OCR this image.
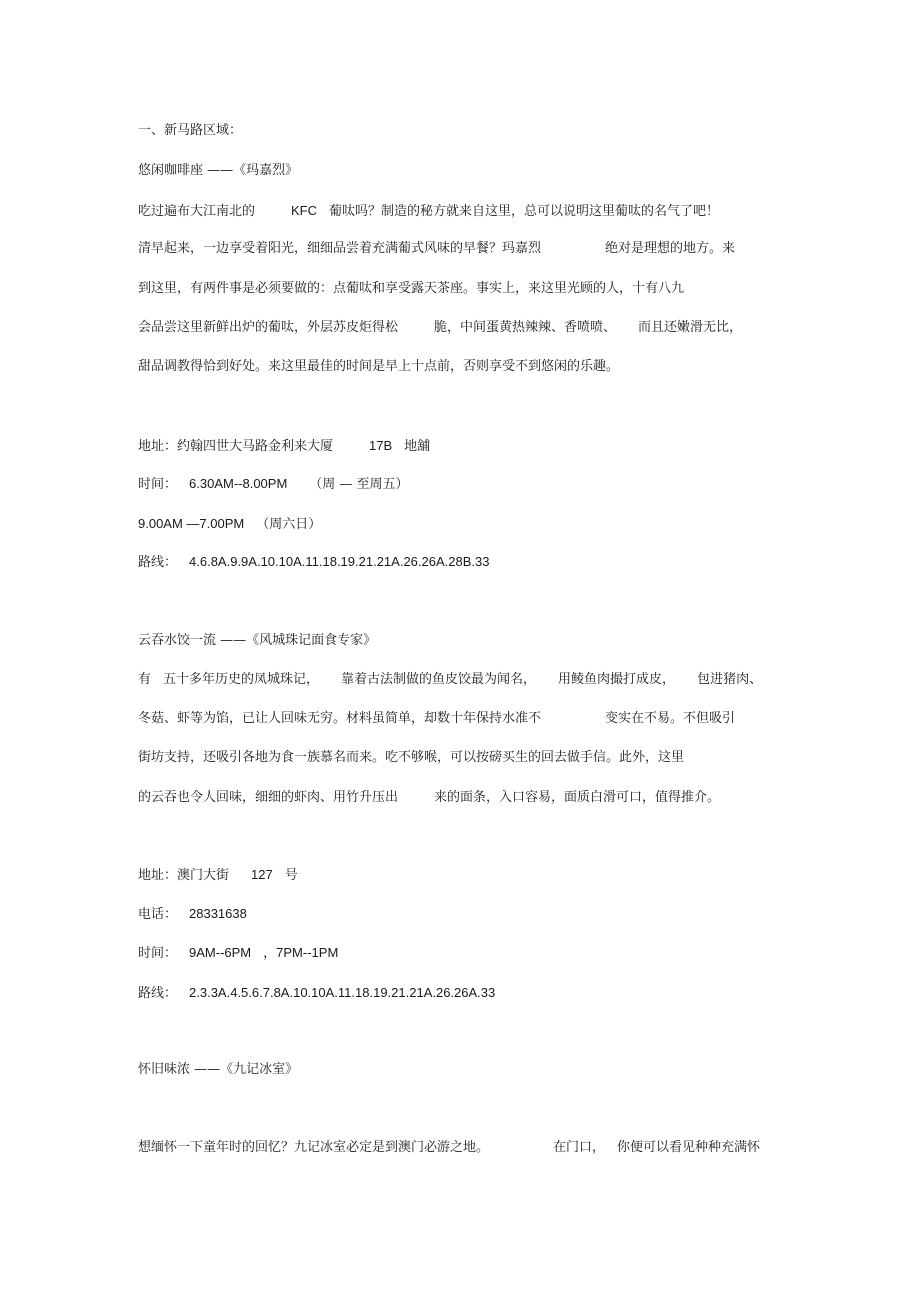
一、新马路区域：
悠闲咖啡座 ——《玛嘉烈》
吃过遍布大江南北的	KFC 葡呔吗？制造的秘方就来自这里，总可以说明这里葡呔的名气了吧！
清早起来，一边享受着阳光，细细品尝着充满葡式风味的早餐？玛嘉烈	绝对是理想的地方。来
到这里，有两件事是必须要做的：点葡呔和享受露天茶座。事实上，来这里光顾的人，十有八九
会品尝这里新鲜出炉的葡呔，外层苏皮炬得松	脆，中间蛋黄热辣辣、香喷喷、 而且还嫩滑无比，
甜品调教得恰到好处。来这里最佳的时间是早上十点前，否则享受不到悠闲的乐趣。
地址：约翰四世大马路金利来大厦	17B 地舖
时间： 6.30AM--8.00PM （周 — 至周五）
9.00AM —7.00PM （周六日）
路线： 4.6.8A.9.9A.10.10A.11.18.19.21.21A.26.26A.28B.33
云吞水饺一流 ——《风城珠记面食专家》
有 五十多年历史的凤城珠记， 靠着古法制做的鱼皮饺最为闻名， 用鲮鱼肉撮打成皮， 包进猪肉、
冬菇、虾等为馅，已让人回味无穷。材料虽简单，却数十年保持水准不	变实在不易。不但吸引
街坊支持，还吸引各地为食一族慕名而来。吃不够喉，可以按磅买生的回去做手信。此外，这里
的云吞也令人回味，细细的虾肉、用竹升压出	来的面条，入口容易，面质白滑可口，值得推介。
地址：澳门大街 127 号
电话： 28331638
时间： 9AM--6PM ，7PM--1PM
路线： 2.3.3A.4.5.6.7.8A.10.10A.11.18.19.21.21A.26.26A.33
怀旧味浓 ——《九记冰室》
想缅怀一下童年时的回忆？九记冰室必定是到澳门必游之地。	在门口， 你便可以看见种种充满怀
